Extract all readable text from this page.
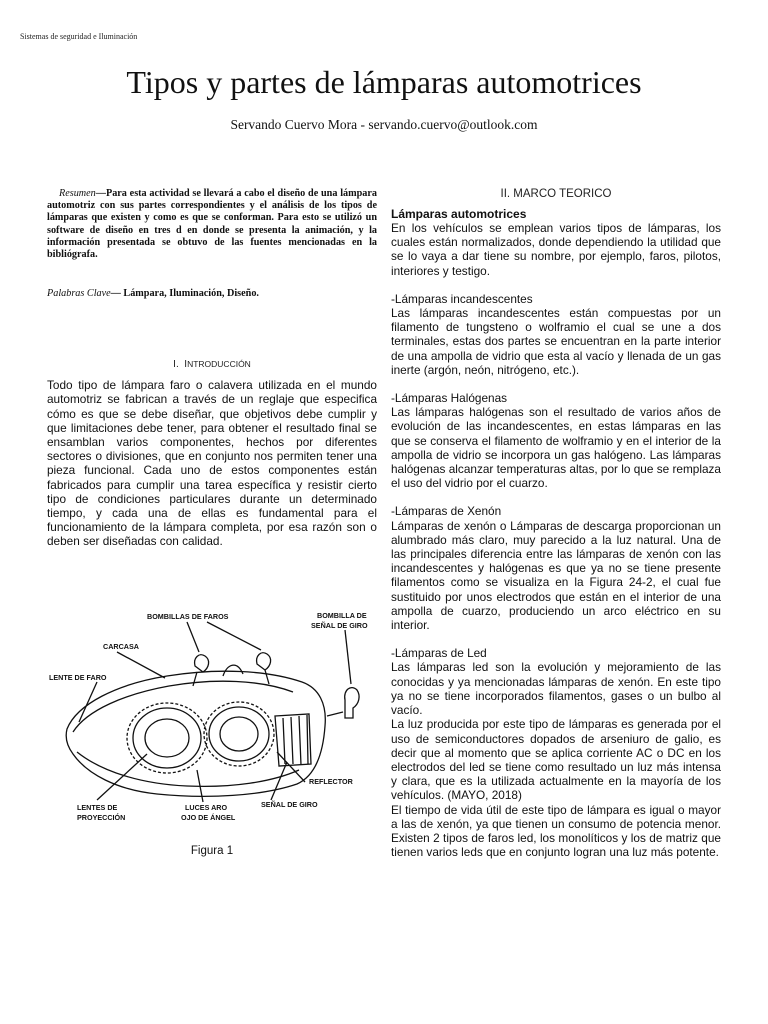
Sistemas de seguridad e Iluminación
Tipos y partes de lámparas automotrices
Servando Cuervo Mora - servando.cuervo@outlook.com

Resumen—Para esta actividad se llevará a cabo el diseño de una lámpara automotriz con sus partes correspondientes y el análisis de los tipos de lámparas que existen y como es que se conforman. Para esto se utilizó un software de diseño en tres d en donde se presenta la animación, y la información presentada se obtuvo de las fuentes mencionadas en la bibliógrafa.

Palabras Clave— Lámpara, Iluminación, Diseño.
I. INTRODUCCIÓN

Todo tipo de lámpara faro o calavera utilizada en el mundo automotriz se fabrican a través de un reglaje que especifica cómo es que se debe diseñar, que objetivos debe cumplir y que limitaciones debe tener, para obtener el resultado final se ensamblan varios componentes, hechos por diferentes sectores o divisiones, que en conjunto nos permiten tener una pieza funcional. Cada uno de estos componentes están fabricados para cumplir una tarea específica y resistir cierto tipo de condiciones particulares durante un determinado tiempo, y cada una de ellas es fundamental para el funcionamiento de la lámpara completa, por esa razón son o deben ser diseñadas con calidad.

BOMBILLAS DE FAROS	BOMBILLA DE
SEÑAL DE GIRO
CARCASA
LENTE DE FARO
REFLECTOR
LENTES DE
PROYECCIÓN
LUCES ARO
OJO DE ÁNGEL
SEÑAL DE GIRO
Figura 1
II. MARCO TEORICO

Lámparas automotrices

En los vehículos se emplean varios tipos de lámparas, los cuales están normalizados, donde dependiendo la utilidad que se lo vaya a dar tiene su nombre, por ejemplo, faros, pilotos, interiores y testigo.

-Lámparas incandescentes

Las lámparas incandescentes están compuestas por un filamento de tungsteno o wolframio el cual se une a dos terminales, estas dos partes se encuentran en la parte interior de una ampolla de vidrio que esta al vacío y llenada de un gas inerte (argón, neón, nitrógeno, etc.).

-Lámparas Halógenas

Las lámparas halógenas son el resultado de varios años de evolución de las incandescentes, en estas lámparas en las que se conserva el filamento de wolframio y en el interior de la ampolla de vidrio se incorpora un gas halógeno. Las lámparas halógenas alcanzar temperaturas altas, por lo que se remplaza el uso del vidrio por el cuarzo.

-Lámparas de Xenón

Lámparas de xenón o Lámparas de descarga proporcionan un alumbrado más claro, muy parecido a la luz natural. Una de las principales diferencia entre las lámparas de xenón con las incandescentes y halógenas es que ya no se tiene presente filamentos como se visualiza en la Figura 24-2, el cual fue sustituido por unos electrodos que están en el interior de una ampolla de cuarzo, produciendo un arco eléctrico en su interior.

-Lámparas de Led

Las lámparas led son la evolución y mejoramiento de las conocidas y ya mencionadas lámparas de xenón. En este tipo ya no se tiene incorporados filamentos, gases o un bulbo al vacío.

La luz producida por este tipo de lámparas es generada por el uso de semiconductores dopados de arseniuro de galio, es decir que al momento que se aplica corriente AC o DC en los electrodos del led se tiene como resultado un luz más intensa y clara, que es la utilizada actualmente en la mayoría de los vehículos. (MAYO, 2018)

El tiempo de vida útil de este tipo de lámpara es igual o mayor a las de xenón, ya que tienen un consumo de potencia menor. Existen 2 tipos de faros led, los monolíticos y los de matriz que tienen varios leds que en conjunto logran una luz más potente.
